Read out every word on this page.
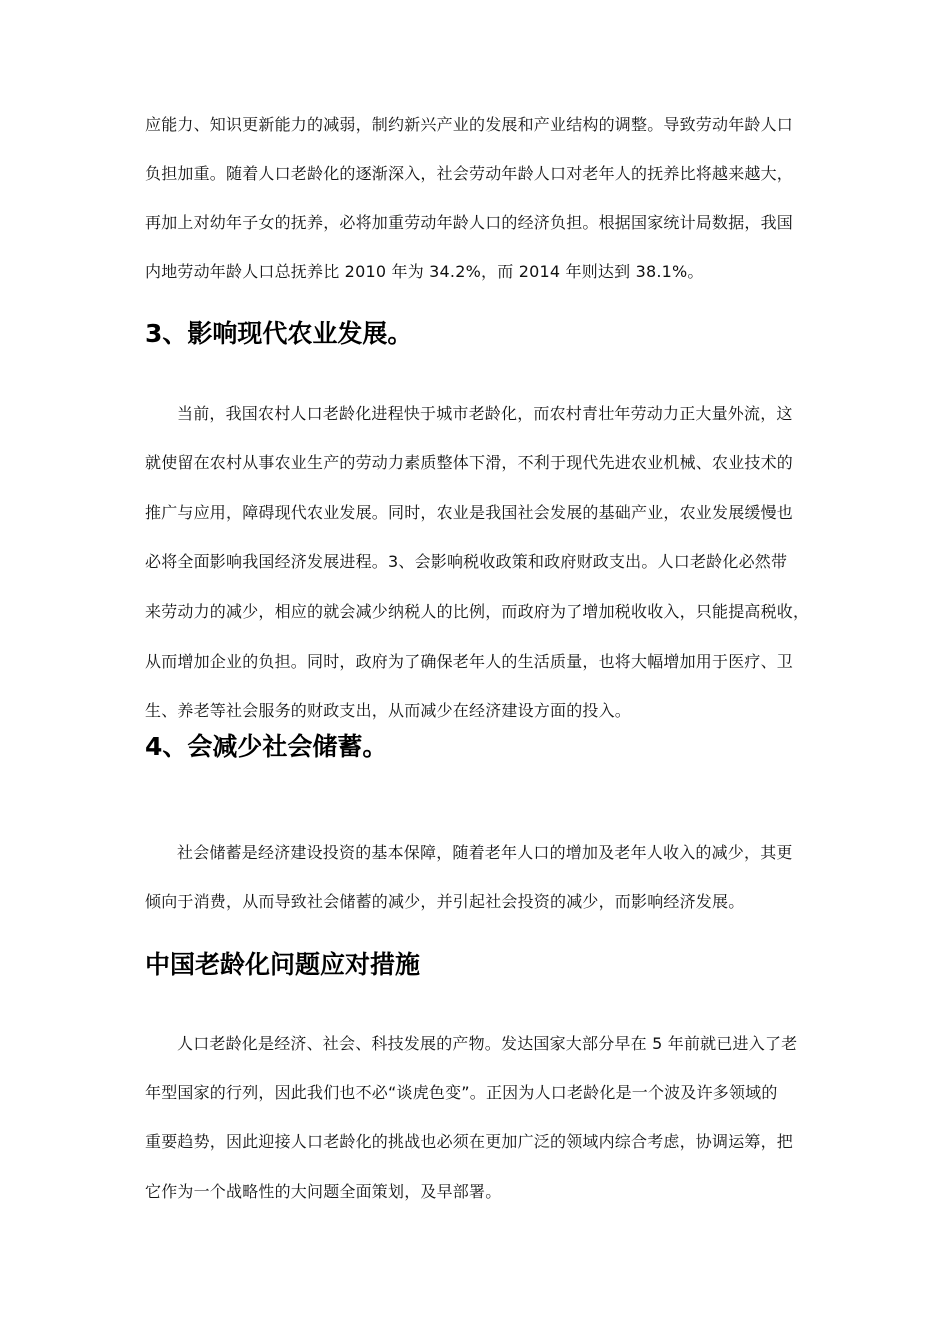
应能力、知识更新能力的减弱，制约新兴产业的发展和产业结构的调整。导致劳动年龄人口
负担加重。随着人口老龄化的逐渐深入，社会劳动年龄人口对老年人的抚养比将越来越大，
再加上对幼年子女的抚养，必将加重劳动年龄人口的经济负担。根据国家统计局数据，我国
内地劳动年龄人口总抚养比 2010 年为 34.2%，而 2014 年则达到 38.1%。
3、影响现代农业发展。
当前，我国农村人口老龄化进程快于城市老龄化，而农村青壮年劳动力正大量外流，这
就使留在农村从事农业生产的劳动力素质整体下滑，不利于现代先进农业机械、农业技术的
推广与应用，障碍现代农业发展。同时，农业是我国社会发展的基础产业，农业发展缓慢也
必将全面影响我国经济发展进程。3、会影响税收政策和政府财政支出。人口老龄化必然带
来劳动力的减少，相应的就会减少纳税人的比例，而政府为了增加税收收入，只能提高税收，
从而增加企业的负担。同时，政府为了确保老年人的生活质量，也将大幅增加用于医疗、卫
生、养老等社会服务的财政支出，从而减少在经济建设方面的投入。
4、会减少社会储蓄。
社会储蓄是经济建设投资的基本保障，随着老年人口的增加及老年人收入的减少，其更
倾向于消费，从而导致社会储蓄的减少，并引起社会投资的减少，而影响经济发展。
中国老龄化问题应对措施
人口老龄化是经济、社会、科技发展的产物。发达国家大部分早在 5 年前就已进入了老
年型国家的行列，因此我们也不必“谈虎色变”。正因为人口老龄化是一个波及许多领域的
重要趋势，因此迎接人口老龄化的挑战也必须在更加广泛的领域内综合考虑，协调运筹，把
它作为一个战略性的大问题全面策划，及早部署。
